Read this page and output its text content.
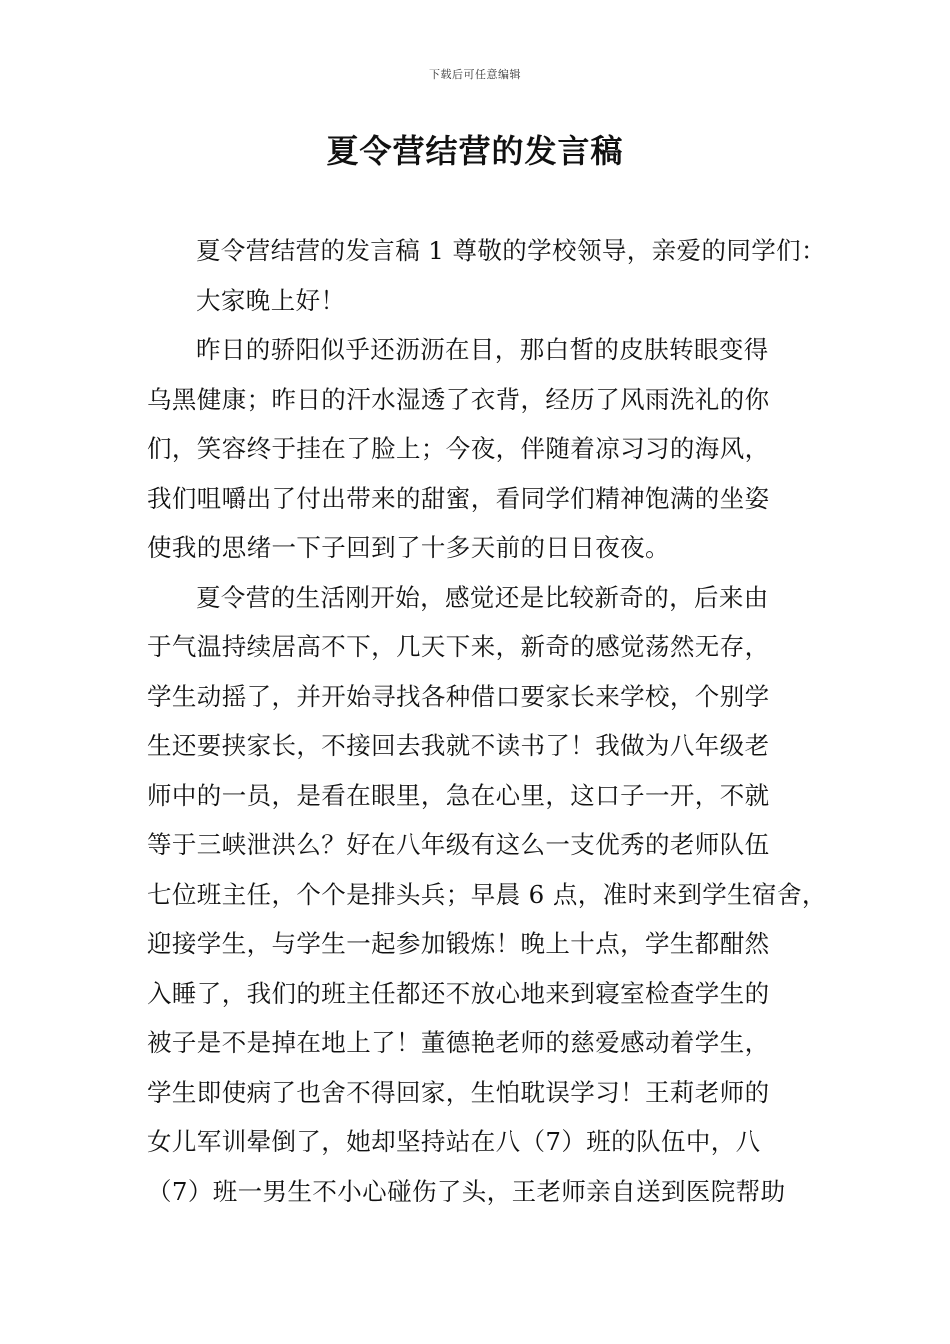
下载后可任意编辑
夏令营结营的发言稿
夏令营结营的发言稿 1 尊敬的学校领导，亲爱的同学们：
大家晚上好！
昨日的骄阳似乎还沥沥在目，那白皙的皮肤转眼变得
乌黑健康；昨日的汗水湿透了衣背，经历了风雨洗礼的你
们，笑容终于挂在了脸上；今夜，伴随着凉习习的海风，
我们咀嚼出了付出带来的甜蜜，看同学们精神饱满的坐姿
使我的思绪一下子回到了十多天前的日日夜夜。
夏令营的生活刚开始，感觉还是比较新奇的，后来由
于气温持续居高不下，几天下来，新奇的感觉荡然无存，
学生动摇了，并开始寻找各种借口要家长来学校，个别学
生还要挟家长，不接回去我就不读书了！我做为八年级老
师中的一员，是看在眼里，急在心里，这口子一开，不就
等于三峡泄洪么？好在八年级有这么一支优秀的老师队伍
七位班主任，个个是排头兵；早晨 6 点，准时来到学生宿舍，
迎接学生，与学生一起参加锻炼！晚上十点，学生都酣然
入睡了，我们的班主任都还不放心地来到寝室检查学生的
被子是不是掉在地上了！董德艳老师的慈爱感动着学生，
学生即使病了也舍不得回家，生怕耽误学习！王莉老师的
女儿军训晕倒了，她却坚持站在八（7）班的队伍中，八
（7）班一男生不小心碰伤了头，王老师亲自送到医院帮助
